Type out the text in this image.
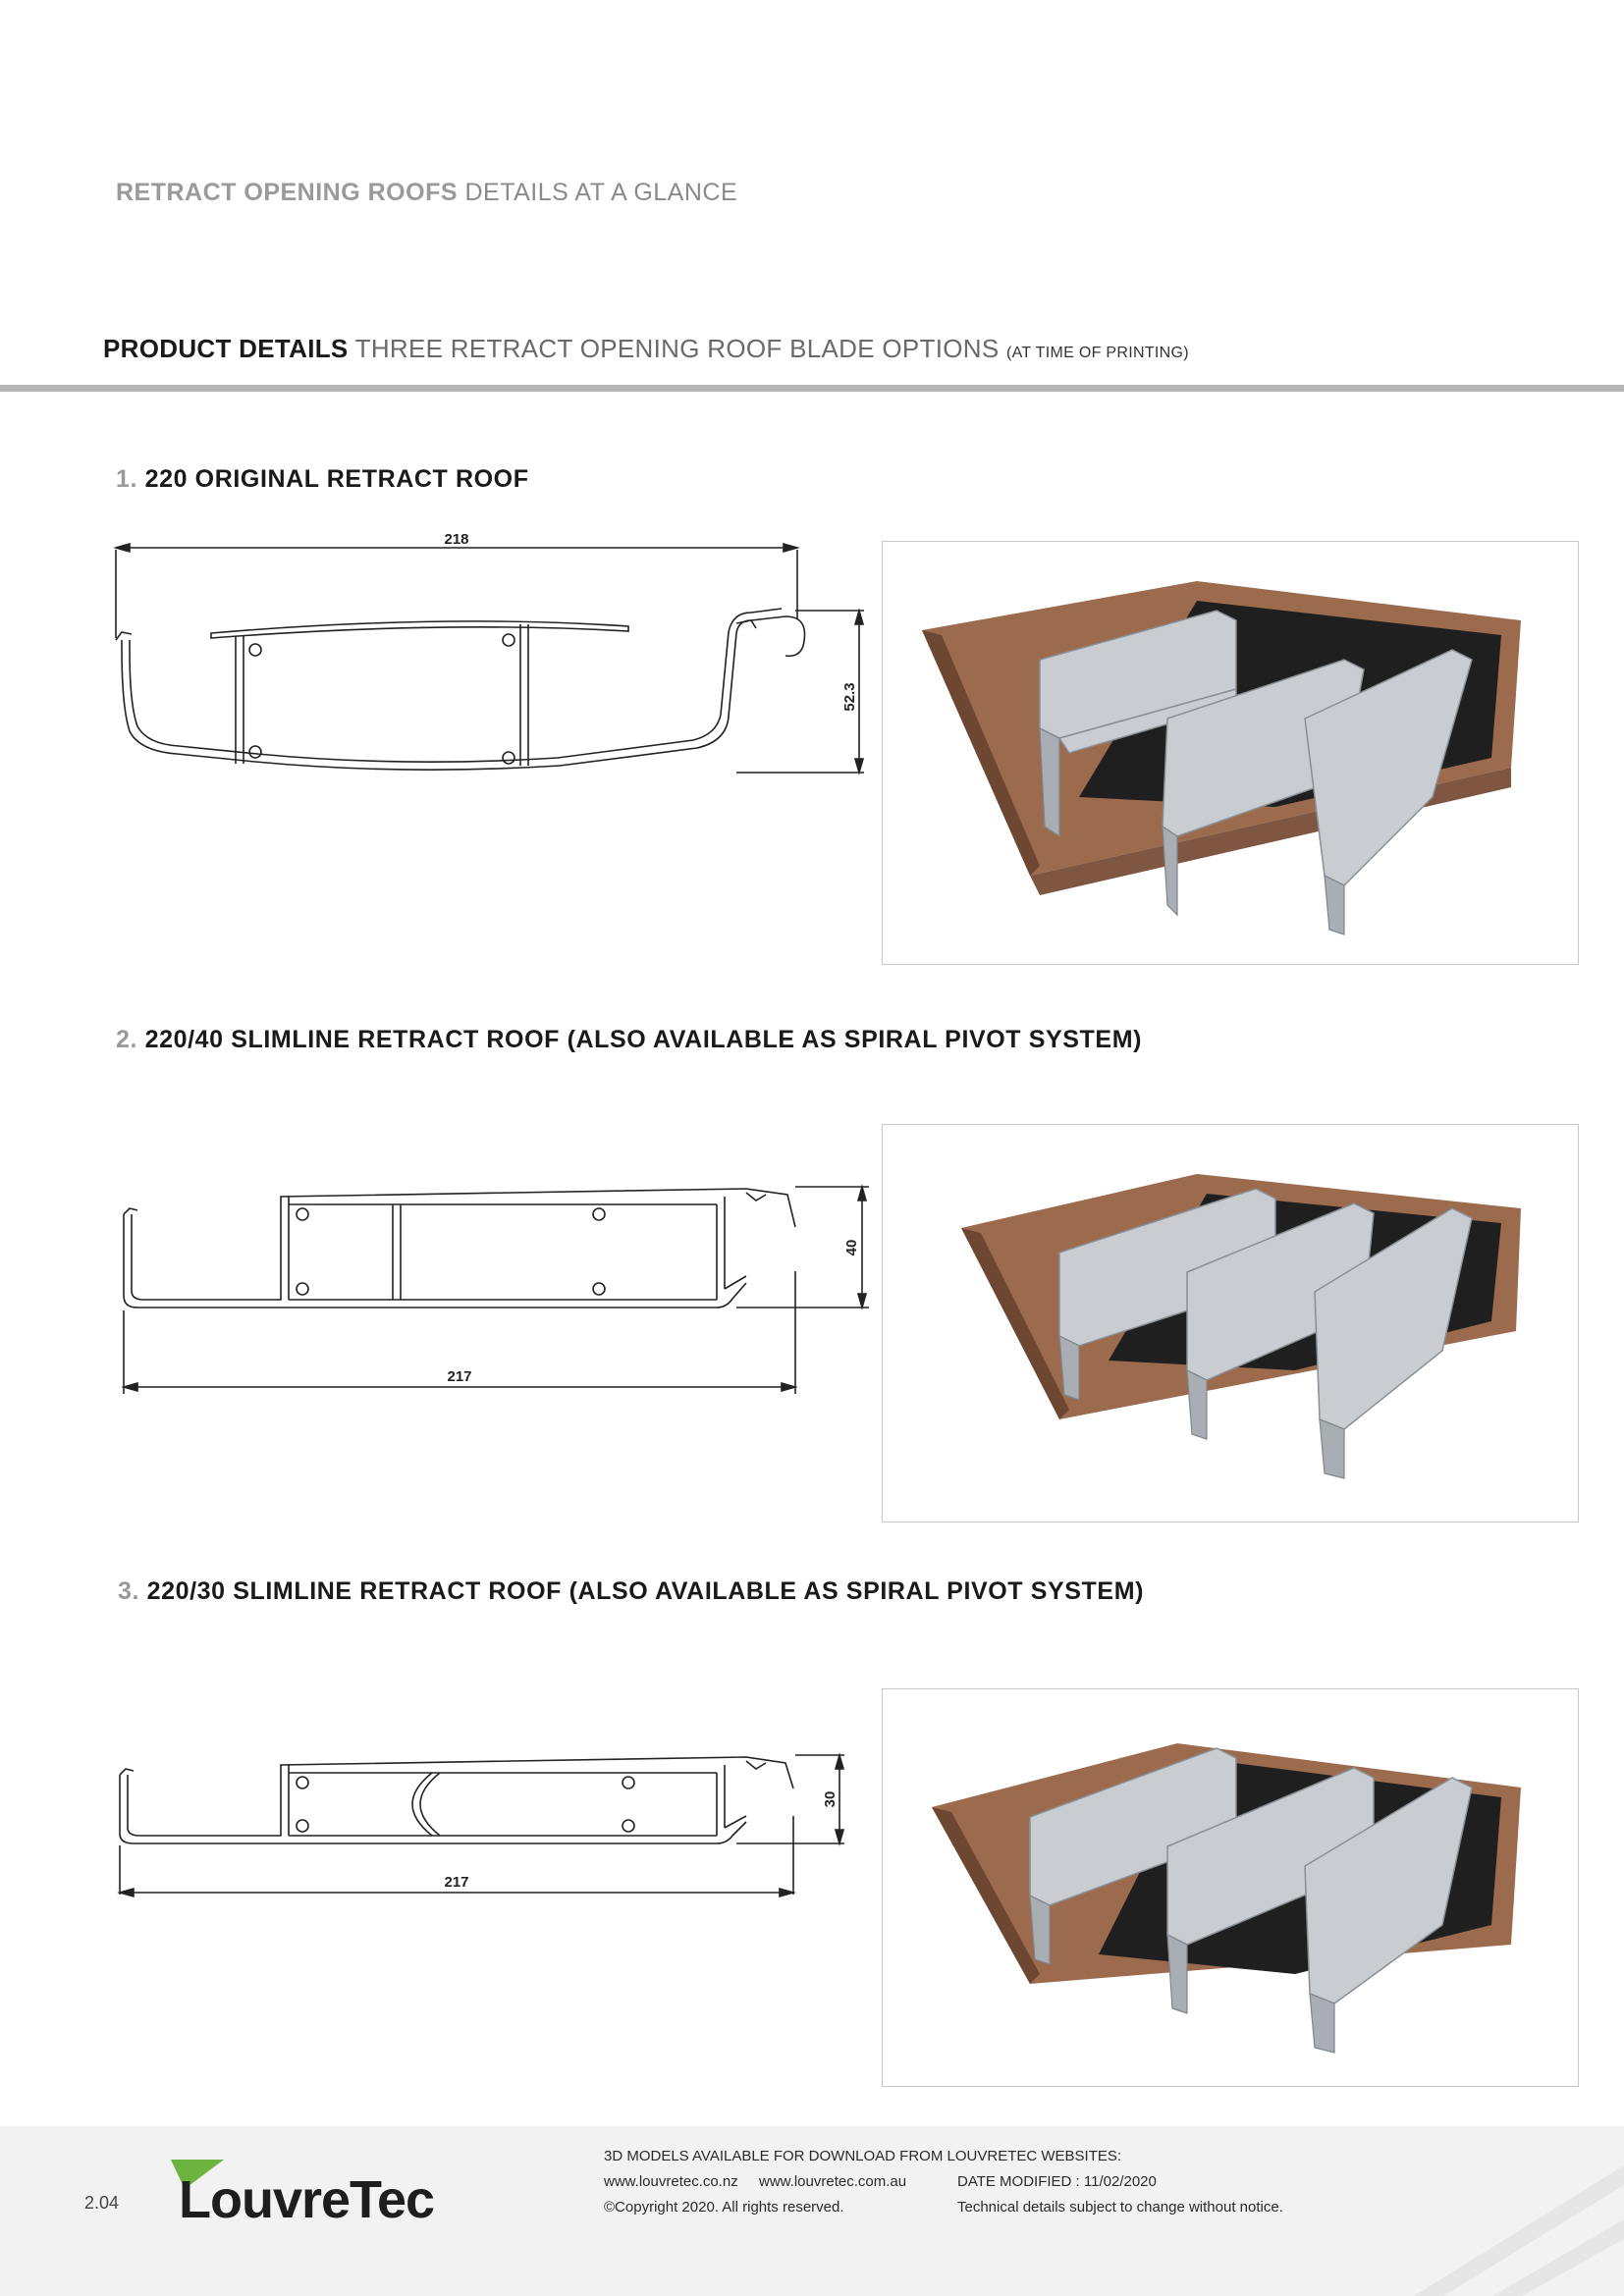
RETRACT OPENING ROOFS DETAILS AT A GLANCE
PRODUCT DETAILS THREE RETRACT OPENING ROOF BLADE OPTIONS (AT TIME OF PRINTING)
1. 220 ORIGINAL RETRACT ROOF
218
52.3
2. 220/40 SLIMLINE RETRACT ROOF (ALSO AVAILABLE AS SPIRAL PIVOT SYSTEM)
217
40
3. 220/30 SLIMLINE RETRACT ROOF (ALSO AVAILABLE AS SPIRAL PIVOT SYSTEM)
217
30
2.04 LouvreTec
3D MODELS AVAILABLE FOR DOWNLOAD FROM LOUVRETEC WEBSITES:
www.louvretec.co.nz www.louvretec.com.au	DATE MODIFIED : 11/02/2020
©Copyright 2020. All rights reserved.	Technical details subject to change without notice.
